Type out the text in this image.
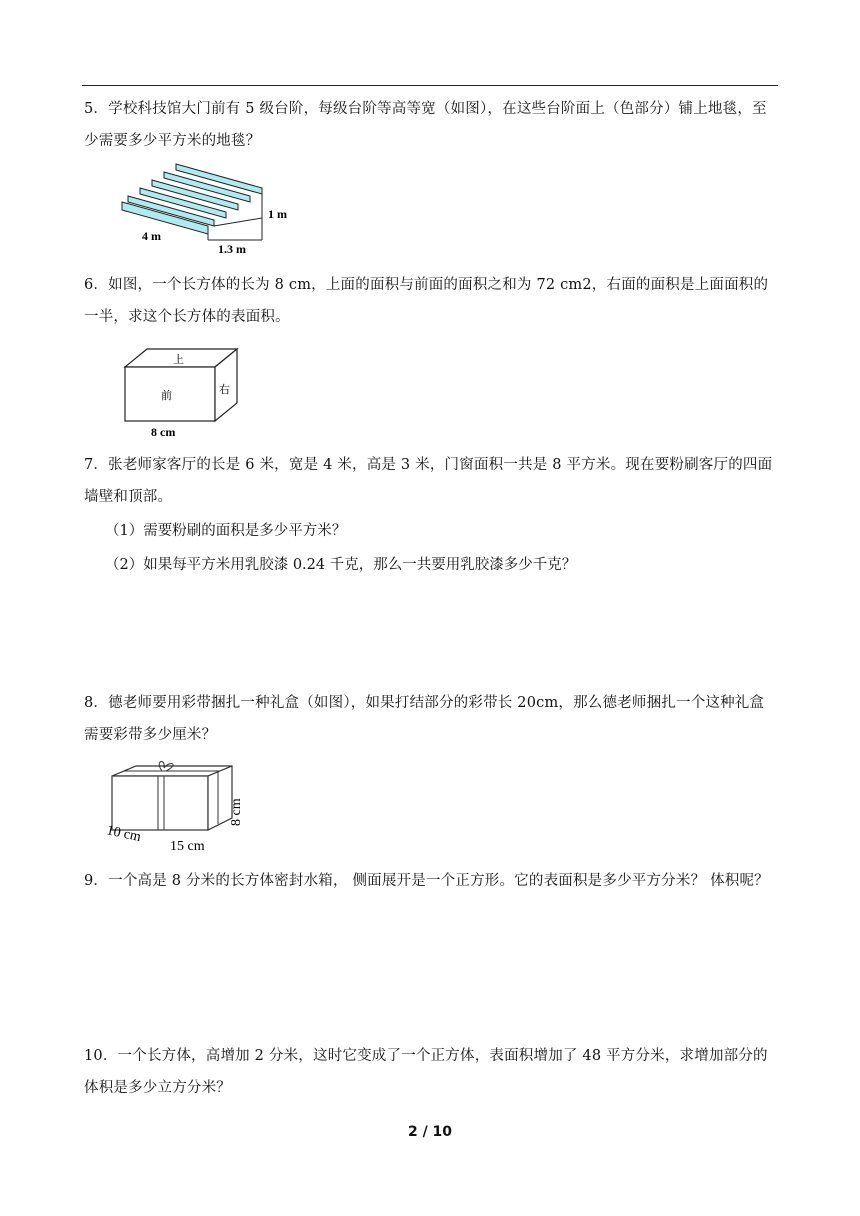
5．学校科技馆大门前有 5 级台阶，每级台阶等高等宽（如图），在这些台阶面上（色部分）铺上地毯，至少需要多少平方米的地毯？
4 m
1 m
1.3 m
6．如图，一个长方体的长为 8 cm，上面的面积与前面的面积之和为 72 cm2，右面的面积是上面面积的一半，求这个长方体的表面积。
上
前	右
8 cm
7．张老师家客厅的长是 6 米，宽是 4 米，高是 3 米，门窗面积一共是 8 平方米。现在要粉刷客厅的四面墙壁和顶部。
（1）需要粉刷的面积是多少平方米？
（2）如果每平方米用乳胶漆 0.24 千克，那么一共要用乳胶漆多少千克？
8．德老师要用彩带捆扎一种礼盒（如图），如果打结部分的彩带长 20cm，那么德老师捆扎一个这种礼盒需要彩带多少厘米？
10 cm
15 cm
8 cm
9．一个高是 8 分米的长方体密封水箱， 侧面展开是一个正方形。它的表面积是多少平方分米？ 体积呢？
10．一个长方体，高增加 2 分米，这时它变成了一个正方体，表面积增加了 48 平方分米，求增加部分的体积是多少立方分米？
2 / 10
